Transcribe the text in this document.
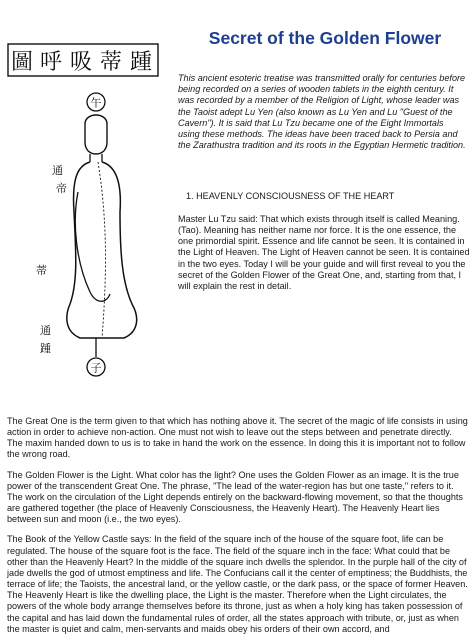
圖 呼 吸 蒂 踵
午
子
通
帝
蒂
通
踵
Secret of the Golden Flower

This ancient esoteric treatise was transmitted orally for centuries before being recorded on a series of wooden tablets in the eighth century. It was recorded by a member of the Religion of Light, whose leader was the Taoist adept Lu Yen (also known as Lu Yen and Lu "Guest of the Cavern"). It is said that Lu Tzu became one of the Eight Immortals using these methods. The ideas have been traced back to Persia and the Zarathustra tradition and its roots in the Egyptian Hermetic tradition.

1. HEAVENLY CONSCIOUSNESS OF THE HEART

Master Lu Tzu said: That which exists through itself is called Meaning. (Tao). Meaning has neither name nor force. It is the one essence, the one primordial spirit. Essence and life cannot be seen. It is contained in the Light of Heaven. The Light of Heaven cannot be seen. It is contained in the two eyes. Today I will be your guide and will first reveal to you the secret of the Golden Flower of the Great One, and, starting from that, I will explain the rest in detail.

The Great One is the term given to that which has nothing above it. The secret of the magic of life consists in using action in order to achieve non-action. One must not wish to leave out the steps between and penetrate directly. The maxim handed down to us is to take in hand the work on the essence. In doing this it is important not to follow the wrong road.

The Golden Flower is the Light. What color has the light? One uses the Golden Flower as an image. It is the true power of the transcendent Great One. The phrase, "The lead of the water-region has but one taste," refers to it. The work on the circulation of the Light depends entirely on the backward-flowing movement, so that the thoughts are gathered together (the place of Heavenly Consciousness, the Heavenly Heart). The Heavenly Heart lies between sun and moon (i.e., the two eyes).

The Book of the Yellow Castle says: In the field of the square inch of the house of the square foot, life can be regulated. The house of the square foot is the face. The field of the square inch in the face: What could that be other than the Heavenly Heart? In the middle of the square inch dwells the splendor. In the purple hall of the city of jade dwells the god of utmost emptiness and life. The Confucians call it the center of emptiness; the Buddhists, the terrace of life; the Taoists, the ancestral land, or the yellow castle, or the dark pass, or the space of former Heaven. The Heavenly Heart is like the dwelling place, the Light is the master. Therefore when the Light circulates, the powers of the whole body arrange themselves before its throne, just as when a holy king has taken possession of the capital and has laid down the fundamental rules of order, all the states approach with tribute, or, just as when the master is quiet and calm, men-servants and maids obey his orders of their own accord, and
